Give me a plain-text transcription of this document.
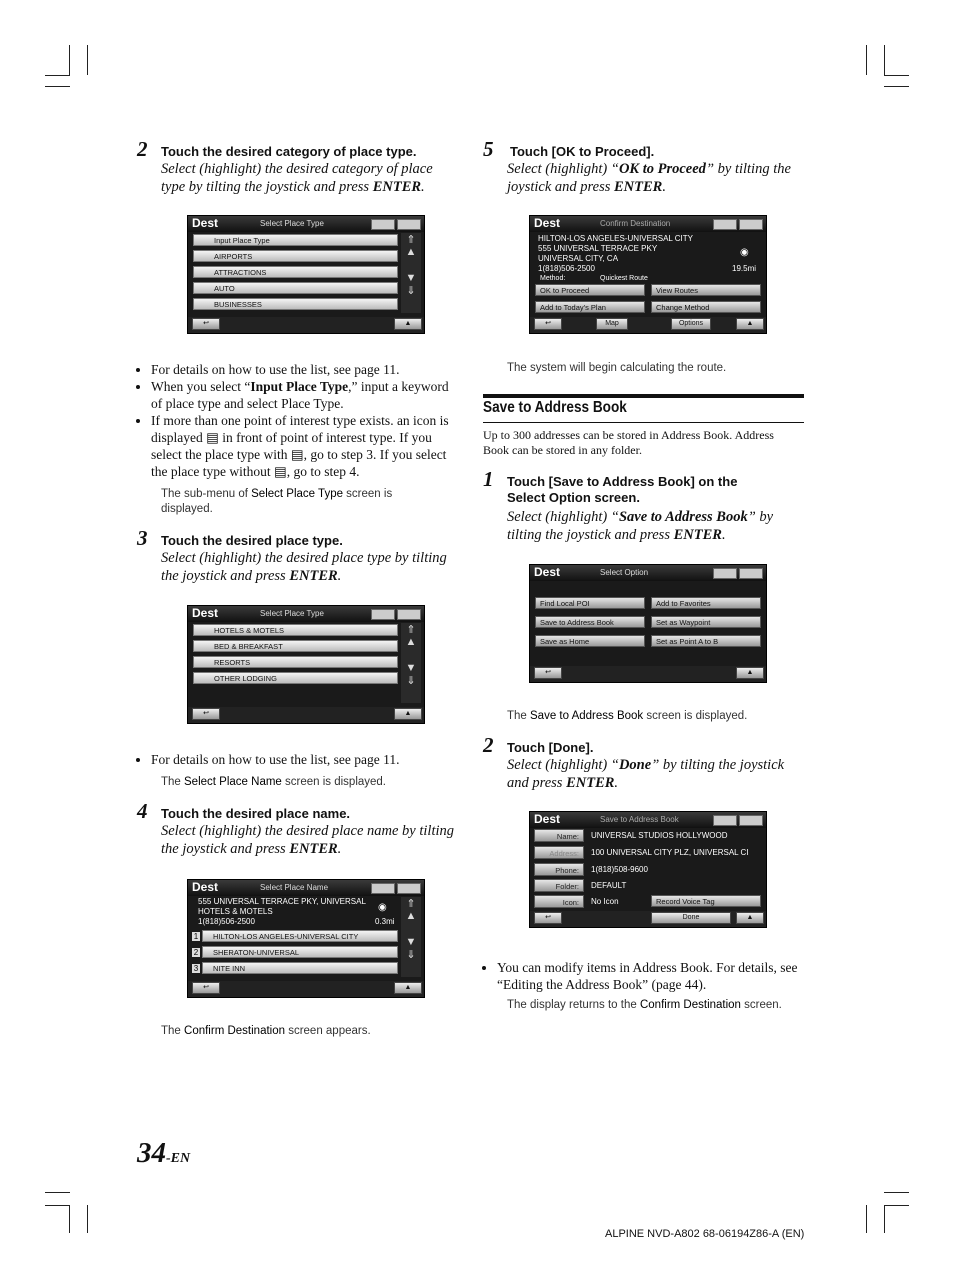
2 Touch the desired category of place type.
Select (highlight) the desired category of place type by tilting the joystick and press ENTER.
Dest	Select Place Type
Input Place Type
AIRPORTS
ATTRACTIONS
AUTO
BUSINESSES
⇑
▲
▼
⇓
↩	▲
• For details on how to use the list, see page 11.
• When you select “Input Place Type,” input a keyword of place type and select Place Type.
• If more than one point of interest type exists. an icon is displayed ▤ in front of point of interest type. If you select the place type with ▤, go to step 3. If you select the place type without ▤, go to step 4.
The sub-menu of Select Place Type screen is displayed.
3 Touch the desired place type.
Select (highlight) the desired place type by tilting the joystick and press ENTER.
Dest	Select Place Type
HOTELS & MOTELS
BED & BREAKFAST
RESORTS
OTHER LODGING
⇑
▲
▼
⇓
↩	▲
• For details on how to use the list, see page 11.
The Select Place Name screen is displayed.
4 Touch the desired place name.
Select (highlight) the desired place name by tilting the joystick and press ENTER.
Dest	Select Place Name
555 UNIVERSAL TERRACE PKY, UNIVERSAL
HOTELS & MOTELS
1(818)506-2500
◉
0.3mi
1	HILTON-LOS ANGELES-UNIVERSAL CITY
2	SHERATON-UNIVERSAL
3	NITE INN
⇑
▲
▼
⇓
↩	▲
The Confirm Destination screen appears.
5 Touch [OK to Proceed].
Select (highlight) “OK to Proceed” by tilting the joystick and press ENTER.
Dest	Confirm Destination
HILTON-LOS ANGELES-UNIVERSAL CITY
555 UNIVERSAL TERRACE PKY
UNIVERSAL CITY, CA
1(818)506-2500
◉
19.5mi
Method:	Quickest Route
OK to Proceed	View Routes
Add to Today's Plan	Change Method
↩	Map	Options	▲
The system will begin calculating the route.
Save to Address Book
Up to 300 addresses can be stored in Address Book. Address Book can be stored in any folder.
1 Touch [Save to Address Book] on the
Select Option screen.
Select (highlight) “Save to Address Book” by tilting the joystick and press ENTER.
Dest	Select Option
Find Local POI	Add to Favorites
Save to Address Book	Set as Waypoint
Save as Home	Set as Point A to B
↩	▲
The Save to Address Book screen is displayed.
2 Touch [Done].
Select (highlight) “Done” by tilting the joystick and press ENTER.
Dest	Save to Address Book
Name:	UNIVERSAL STUDIOS HOLLYWOOD
Address:	100 UNIVERSAL CITY PLZ, UNIVERSAL CI
Phone:	1(818)508-9600
Folder:	DEFAULT
Icon:	No Icon	Record Voice Tag
↩	Done	▲
• You can modify items in Address Book. For details, see “Editing the Address Book” (page 44).
The display returns to the Confirm Destination screen.
34-EN
ALPINE NVD-A802 68-06194Z86-A (EN)
